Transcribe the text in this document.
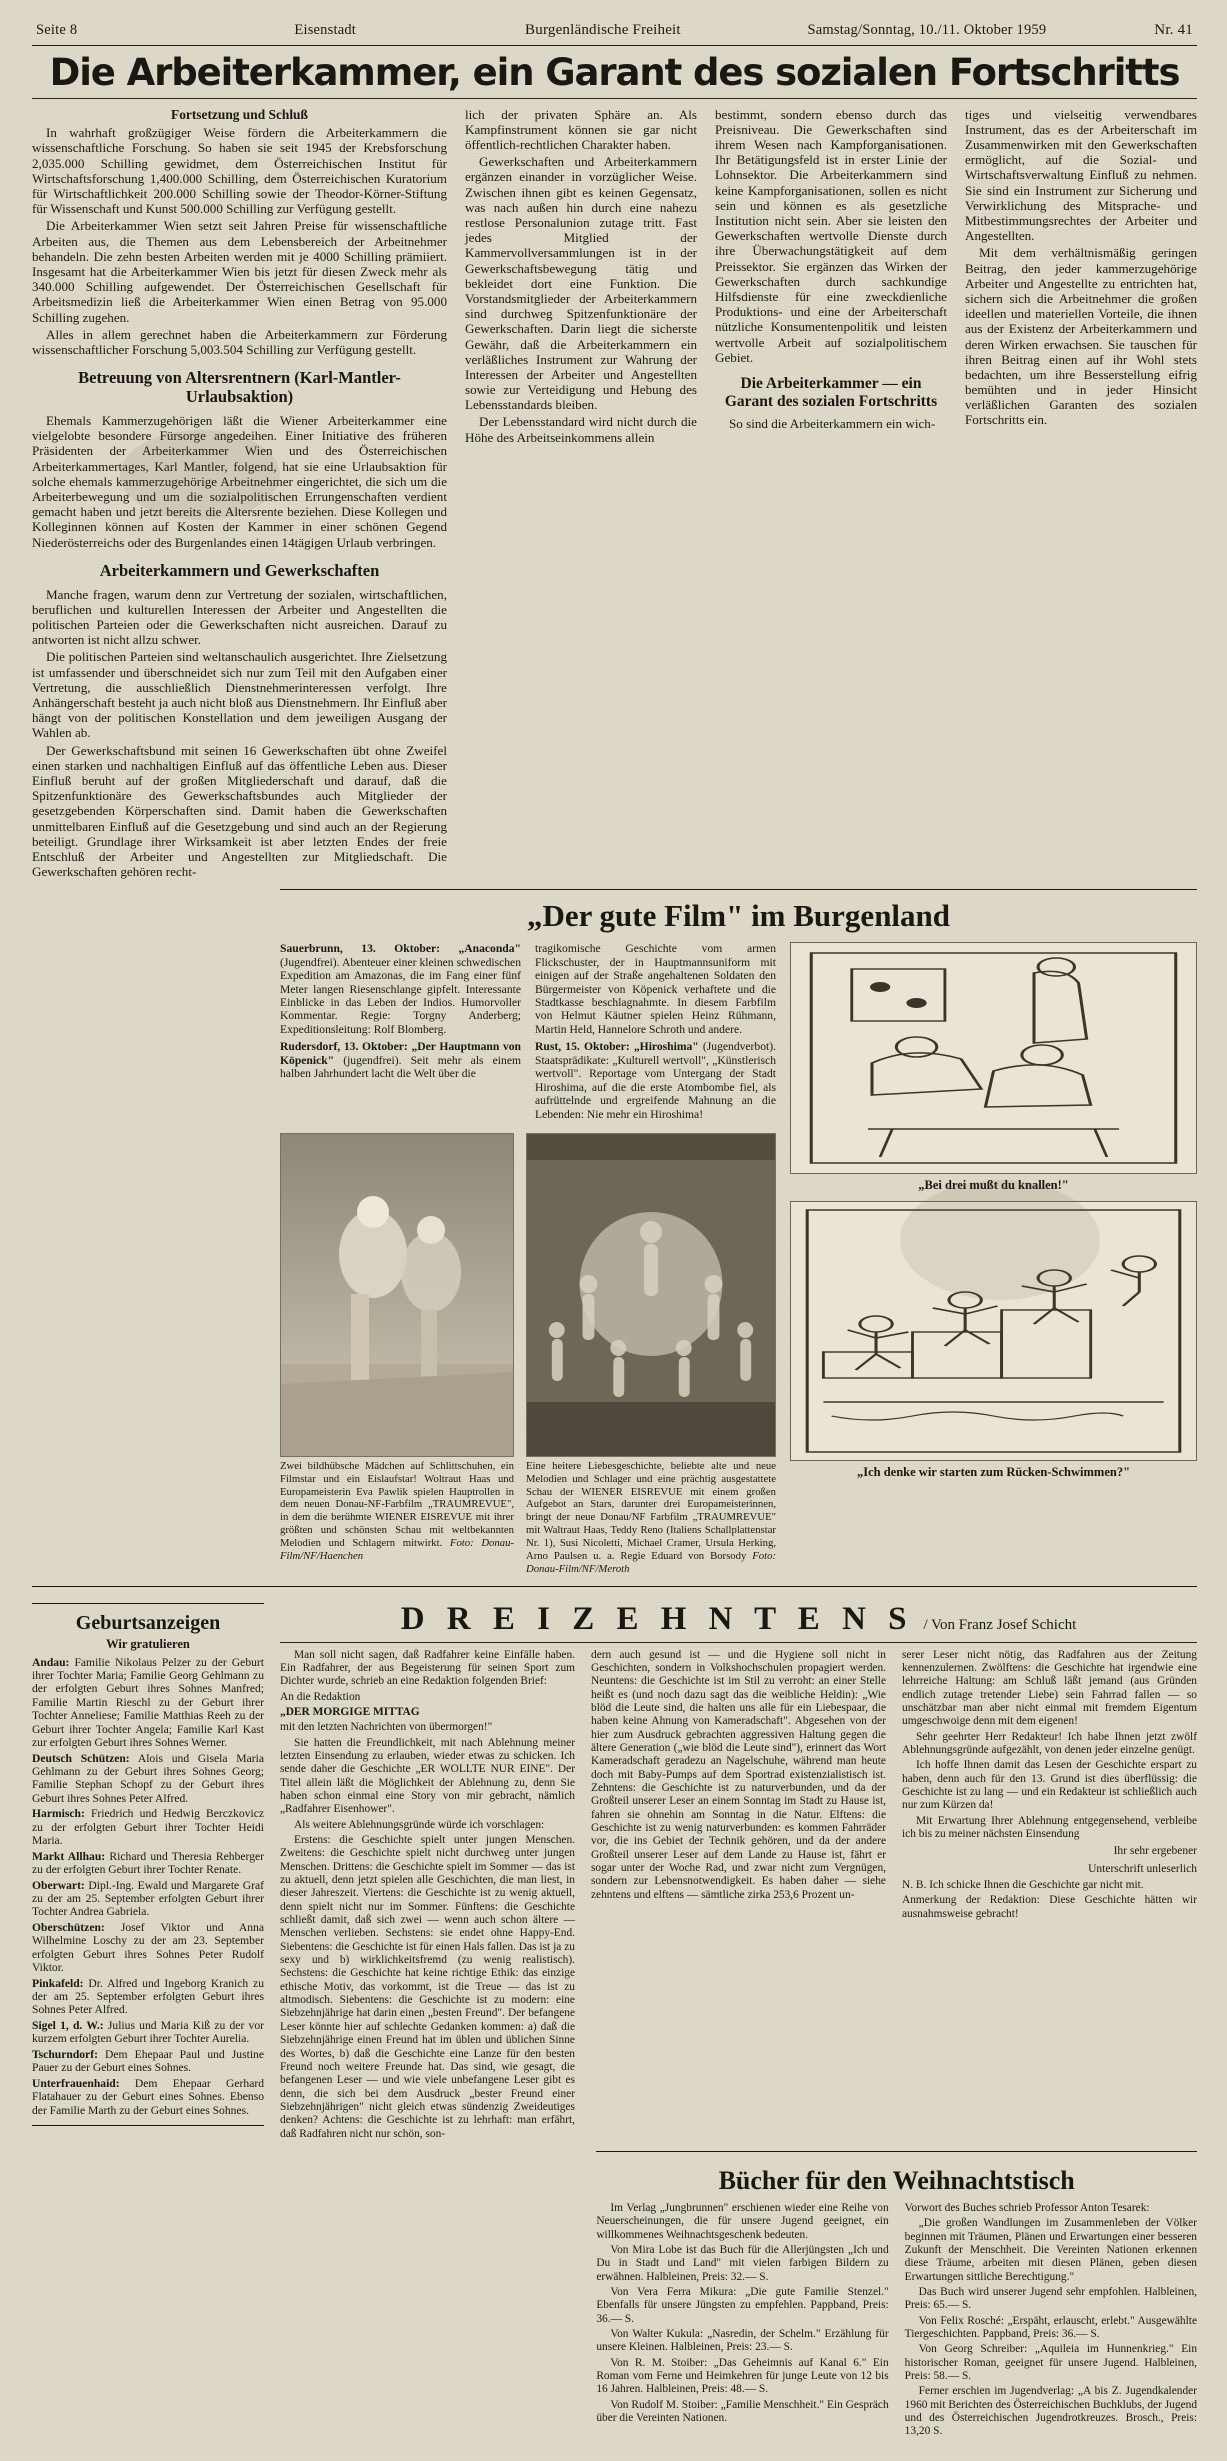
Seite 8	Eisenstadt	Burgenländische Freiheit	Samstag/Sonntag, 10./11. Oktober 1959	Nr. 41
Die Arbeiterkammer, ein Garant des sozialen Fortschritts

Fortsetzung und Schluß

In wahrhaft großzügiger Weise fördern die Arbeiterkammern die wissenschaftliche Forschung. So haben sie seit 1945 der Krebsforschung 2,035.000 Schilling gewidmet, dem Österreichischen Institut für Wirtschaftsforschung 1,400.000 Schilling, dem Österreichischen Kuratorium für Wirtschaftlichkeit 200.000 Schilling sowie der Theodor-Körner-Stiftung für Wissenschaft und Kunst 500.000 Schilling zur Verfügung gestellt.

Die Arbeiterkammer Wien setzt seit Jahren Preise für wissenschaftliche Arbeiten aus, die Themen aus dem Lebensbereich der Arbeitnehmer behandeln. Die zehn besten Arbeiten werden mit je 4000 Schilling prämiiert. Insgesamt hat die Arbeiterkammer Wien bis jetzt für diesen Zweck mehr als 340.000 Schilling aufgewendet. Der Österreichischen Gesellschaft für Arbeitsmedizin ließ die Arbeiterkammer Wien einen Betrag von 95.000 Schilling zugehen.

Alles in allem gerechnet haben die Arbeiterkammern zur Förderung wissenschaftlicher Forschung 5,003.504 Schilling zur Verfügung gestellt.

Betreuung von Altersrentnern (Karl-Mantler-Urlaubsaktion)

Ehemals Kammerzugehörigen läßt die Wiener Arbeiterkammer eine vielgelobte besondere Fürsorge angedeihen. Einer Initiative des früheren Präsidenten der Arbeiterkammer Wien und des Österreichischen Arbeiterkammertages, Karl Mantler, folgend, hat sie eine Urlaubsaktion für solche ehemals kammerzugehörige Arbeitnehmer eingerichtet, die sich um die Arbeiterbewegung und um die sozialpolitischen Errungenschaften verdient gemacht haben und jetzt bereits die Altersrente beziehen. Diese Kollegen und Kolleginnen können auf Kosten der Kammer in einer schönen Gegend Niederösterreichs oder des Burgenlandes einen 14tägigen Urlaub verbringen.

Arbeiterkammern und Gewerkschaften

Manche fragen, warum denn zur Vertretung der sozialen, wirtschaftlichen, beruflichen und kulturellen Interessen der Arbeiter und Angestellten die politischen Parteien oder die Gewerkschaften nicht ausreichen. Darauf zu antworten ist nicht allzu schwer.

Die politischen Parteien sind weltanschaulich ausgerichtet. Ihre Zielsetzung ist umfassender und überschneidet sich nur zum Teil mit den Aufgaben einer Vertretung, die ausschließlich Dienstnehmerinteressen verfolgt. Ihre Anhängerschaft besteht ja auch nicht bloß aus Dienstnehmern. Ihr Einfluß aber hängt von der politischen Konstellation und dem jeweiligen Ausgang der Wahlen ab.

Der Gewerkschaftsbund mit seinen 16 Gewerkschaften übt ohne Zweifel einen starken und nachhaltigen Einfluß auf das öffentliche Leben aus. Dieser Einfluß beruht auf der großen Mitgliederschaft und darauf, daß die Spitzenfunktionäre des Gewerkschaftsbundes auch Mitglieder der gesetzgebenden Körperschaften sind. Damit haben die Gewerkschaften unmittelbaren Einfluß auf die Gesetzgebung und sind auch an der Regierung beteiligt. Grundlage ihrer Wirksamkeit ist aber letzten Endes der freie Entschluß der Arbeiter und Angestellten zur Mitgliedschaft. Die Gewerkschaften gehören recht-

lich der privaten Sphäre an. Als Kampfinstrument können sie gar nicht öffentlich-rechtlichen Charakter haben.

Gewerkschaften und Arbeiterkammern ergänzen einander in vorzüglicher Weise. Zwischen ihnen gibt es keinen Gegensatz, was nach außen hin durch eine nahezu restlose Personalunion zutage tritt. Fast jedes Mitglied der Kammervollversammlungen ist in der Gewerkschaftsbewegung tätig und bekleidet dort eine Funktion. Die Vorstandsmitglieder der Arbeiterkammern sind durchweg Spitzenfunktionäre der Gewerkschaften. Darin liegt die sicherste Gewähr, daß die Arbeiterkammern ein verläßliches Instrument zur Wahrung der Interessen der Arbeiter und Angestellten sowie zur Verteidigung und Hebung des Lebensstandards bleiben.

Der Lebensstandard wird nicht durch die Höhe des Arbeitseinkommens allein

bestimmt, sondern ebenso durch das Preisniveau. Die Gewerkschaften sind ihrem Wesen nach Kampforganisationen. Ihr Betätigungsfeld ist in erster Linie der Lohnsektor. Die Arbeiterkammern sind keine Kampforganisationen, sollen es nicht sein und können es als gesetzliche Institution nicht sein. Aber sie leisten den Gewerkschaften wertvolle Dienste durch ihre Überwachungstätigkeit auf dem Preissektor. Sie ergänzen das Wirken der Gewerkschaften durch sachkundige Hilfsdienste für eine zweckdienliche Produktions- und eine der Arbeiterschaft nützliche Konsumentenpolitik und leisten wertvolle Arbeit auf sozialpolitischem Gebiet.

Die Arbeiterkammer — ein Garant des sozialen Fortschritts

So sind die Arbeiterkammern ein wich-

tiges und vielseitig verwendbares Instrument, das es der Arbeiterschaft im Zusammenwirken mit den Gewerkschaften ermöglicht, auf die Sozial- und Wirtschaftsverwaltung Einfluß zu nehmen. Sie sind ein Instrument zur Sicherung und Verwirklichung des Mitsprache- und Mitbestimmungsrechtes der Arbeiter und Angestellten.

Mit dem verhältnismäßig geringen Beitrag, den jeder kammerzugehörige Arbeiter und Angestellte zu entrichten hat, sichern sich die Arbeitnehmer die großen ideellen und materiellen Vorteile, die ihnen aus der Existenz der Arbeiterkammern und deren Wirken erwachsen. Sie tauschen für ihren Beitrag einen auf ihr Wohl stets bedachten, um ihre Besserstellung eifrig bemühten und in jeder Hinsicht verläßlichen Garanten des sozialen Fortschritts ein.

„Der gute Film" im Burgenland

Sauerbrunn, 13. Oktober: „Anaconda" (Jugendfrei). Abenteuer einer kleinen schwedischen Expedition am Amazonas, die im Fang einer fünf Meter langen Riesenschlange gipfelt. Interessante Einblicke in das Leben der Indios. Humorvoller Kommentar. Regie: Torgny Anderberg; Expeditionsleitung: Rolf Blomberg.

Rudersdorf, 13. Oktober: „Der Hauptmann von Köpenick" (jugendfrei). Seit mehr als einem halben Jahrhundert lacht die Welt über die

tragikomische Geschichte vom armen Flickschuster, der in Hauptmannsuniform mit einigen auf der Straße angehaltenen Soldaten den Bürgermeister von Köpenick verhaftete und die Stadtkasse beschlagnahmte. In diesem Farbfilm von Helmut Käutner spielen Heinz Rühmann, Martin Held, Hannelore Schroth und andere.

Rust, 15. Oktober: „Hiroshima" (Jugendverbot). Staatsprädikate: „Kulturell wertvoll", „Künstlerisch wertvoll". Reportage vom Untergang der Stadt Hiroshima, auf die die erste Atombombe fiel, als aufrüttelnde und ergreifende Mahnung an die Lebenden: Nie mehr ein Hiroshima!

Zwei bildhübsche Mädchen auf Schlittschuhen, ein Filmstar und ein Eislaufstar! Woltraut Haas und Europameisterin Eva Pawlik spielen Hauptrollen in dem neuen Donau-NF-Farbfilm „TRAUMREVUE", in dem die berühmte WIENER EISREVUE mit ihrer größten und schönsten Schau mit weltbekannten Melodien und Schlagern mitwirkt. Foto: Donau-Film/NF/Haenchen
Eine heitere Liebesgeschichte, beliebte alte und neue Melodien und Schlager und eine prächtig ausgestattete Schau der WIENER EISREVUE mit einem großen Aufgebot an Stars, darunter drei Europameisterinnen, bringt der neue Donau/NF Farbfilm „TRAUMREVUE" mit Waltraut Haas, Teddy Reno (Italiens Schallplattenstar Nr. 1), Susi Nicoletti, Michael Cramer, Ursula Herking, Arno Paulsen u. a. Regie Eduard von Borsody Foto: Donau-Film/NF/Meroth
„Bei drei mußt du knallen!"
„Ich denke wir starten zum Rücken-Schwimmen?"
Geburtsanzeigen
Wir gratulieren

Andau: Familie Nikolaus Pelzer zu der Geburt ihrer Tochter Maria; Familie Georg Gehlmann zu der erfolgten Geburt ihres Sohnes Manfred; Familie Martin Rieschl zu der Geburt ihrer Tochter Anneliese; Familie Matthias Reeh zu der Geburt ihrer Tochter Angela; Familie Karl Kast zur erfolgten Geburt ihres Sohnes Werner.

Deutsch Schützen: Alois und Gisela Maria Gehlmann zu der Geburt ihres Sohnes Georg; Familie Stephan Schopf zu der Geburt ihres Geburt ihres Sohnes Peter Alfred.

Harmisch: Friedrich und Hedwig Berczkovicz zu der erfolgten Geburt ihrer Tochter Heidi Maria.

Markt Allhau: Richard und Theresia Rehberger zu der erfolgten Geburt ihrer Tochter Renate.

Oberwart: Dipl.-Ing. Ewald und Margarete Graf zu der am 25. September erfolgten Geburt ihrer Tochter Andrea Gabriela.

Oberschützen: Josef Viktor und Anna Wilhelmine Loschy zu der am 23. September erfolgten Geburt ihres Sohnes Peter Rudolf Viktor.

Pinkafeld: Dr. Alfred und Ingeborg Kranich zu der am 25. September erfolgten Geburt ihres Sohnes Peter Alfred.

Sigel 1, d. W.: Julius und Maria Kiß zu der vor kurzem erfolgten Geburt ihrer Tochter Aurelia.

Tschurndorf: Dem Ehepaar Paul und Justine Pauer zu der Geburt eines Sohnes.

Unterfrauenhaid: Dem Ehepaar Gerhard Flatahauer zu der Geburt eines Sohnes. Ebenso der Familie Marth zu der Geburt eines Sohnes.

D R E I Z E H N T E N S / Von Franz Josef Schicht

Man soll nicht sagen, daß Radfahrer keine Einfälle haben. Ein Radfahrer, der aus Begeisterung für seinen Sport zum Dichter wurde, schrieb an eine Redaktion folgenden Brief:

An die Redaktion

„DER MORGIGE MITTAG

mit den letzten Nachrichten von übermorgen!"

Sie hatten die Freundlichkeit, mit nach Ablehnung meiner letzten Einsendung zu erlauben, wieder etwas zu schicken. Ich sende daher die Geschichte „ER WOLLTE NUR EINE". Der Titel allein läßt die Möglichkeit der Ablehnung zu, denn Sie haben schon einmal eine Story von mir gebracht, nämlich „Radfahrer Eisenhower".

Als weitere Ablehnungsgründe würde ich vorschlagen:

Erstens: die Geschichte spielt unter jungen Menschen. Zweitens: die Geschichte spielt nicht durchweg unter jungen Menschen. Drittens: die Geschichte spielt im Sommer — das ist zu aktuell, denn jetzt spielen alle Geschichten, die man liest, in dieser Jahreszeit. Viertens: die Geschichte ist zu wenig aktuell, denn spielt nicht nur im Sommer. Fünftens: die Geschichte schließt damit, daß sich zwei — wenn auch schon ältere — Menschen verlieben. Sechstens: sie endet ohne Happy-End. Siebentens: die Geschichte ist für einen Hals fallen. Das ist ja zu sexy und b) wirklichkeitsfremd (zu wenig realistisch). Sechstens: die Geschichte hat keine richtige Ethik: das einzige ethische Motiv, das vorkommt, ist die Treue — das ist zu altmodisch. Siebentens: die Geschichte ist zu modern: eine Siebzehnjährige hat darin einen „besten Freund". Der befangene Leser könnte hier auf schlechte Gedanken kommen: a) daß die Siebzehnjährige einen Freund hat im üblen und üblichen Sinne des Wortes, b) daß die Geschichte eine Lanze für den besten Freund noch weitere Freunde hat. Das sind, wie gesagt, die befangenen Leser — und wie viele unbefangene Leser gibt es denn, die sich bei dem Ausdruck „bester Freund einer Siebzehnjährigen" nicht gleich etwas sündenzig Zweideutiges denken? Achtens: die Geschichte ist zu lehrhaft: man erfährt, daß Radfahren nicht nur schön, son-

dern auch gesund ist — und die Hygiene soll nicht in Geschichten, sondern in Volkshochschulen propagiert werden. Neuntens: die Geschichte ist im Stil zu verroht: an einer Stelle heißt es (und noch dazu sagt das die weibliche Heldin): „Wie blöd die Leute sind, die halten uns alle für ein Liebespaar, die haben keine Ahnung von Kameradschaft". Abgesehen von der hier zum Ausdruck gebrachten aggressiven Haltung gegen die ältere Generation („wie blöd die Leute sind"), erinnert das Wort Kameradschaft geradezu an Nagelschuhe, während man heute doch mit Baby-Pumps auf dem Sportrad existenzialistisch ist. Zehntens: die Geschichte ist zu naturverbunden, und da der Großteil unserer Leser an einem Sonntag im Stadt zu Hause ist, fahren sie ohnehin am Sonntag in die Natur. Elftens: die Geschichte ist zu wenig naturverbunden: es kommen Fahrräder vor, die ins Gebiet der Technik gehören, und da der andere Großteil unserer Leser auf dem Lande zu Hause ist, fährt er sogar unter der Woche Rad, und zwar nicht zum Vergnügen, sondern zur Lebensnotwendigkeit. Es haben daher — siehe zehntens und elftens — sämtliche zirka 253,6 Prozent un-

serer Leser nicht nötig, das Radfahren aus der Zeitung kennenzulernen. Zwölftens: die Geschichte hat irgendwie eine lehrreiche Haltung: am Schluß läßt jemand (aus Gründen endlich zutage tretender Liebe) sein Fahrrad fallen — so unschätzbar man aber nicht einmal mit fremdem Eigentum umgeschwoige denn mit dem eigenen!

Sehr geehrter Herr Redakteur! Ich habe Ihnen jetzt zwölf Ablehnungsgründe aufgezählt, von denen jeder einzelne genügt.

Ich hoffe Ihnen damit das Lesen der Geschichte erspart zu haben, denn auch für den 13. Grund ist dies überflüssig: die Geschichte ist zu lang — und ein Redakteur ist schließlich auch nur zum Kürzen da!

Mit Erwartung Ihrer Ablehnung entgegensehend, verbleibe ich bis zu meiner nächsten Einsendung

Ihr sehr ergebener

Unterschrift unleserlich

N. B. Ich schicke Ihnen die Geschichte gar nicht mit.

Anmerkung der Redaktion: Diese Geschichte hätten wir ausnahmsweise gebracht!

Bücher für den Weihnachtstisch

Im Verlag „Jungbrunnen" erschienen wieder eine Reihe von Neuerscheinungen, die für unsere Jugend geeignet, ein willkommenes Weihnachtsgeschenk bedeuten.

Von Mira Lobe ist das Buch für die Allerjüngsten „Ich und Du in Stadt und Land" mit vielen farbigen Bildern zu erwähnen. Halbleinen, Preis: 32.— S.

Von Vera Ferra Mikura: „Die gute Familie Stenzel." Ebenfalls für unsere Jüngsten zu empfehlen. Pappband, Preis: 36.— S.

Von Walter Kukula: „Nasredin, der Schelm." Erzählung für unsere Kleinen. Halbleinen, Preis: 23.— S.

Von R. M. Stoiber: „Das Geheimnis auf Kanal 6." Ein Roman vom Ferne und Heimkehren für junge Leute von 12 bis 16 Jahren. Halbleinen, Preis: 48.— S.

Von Rudolf M. Stoiber: „Familie Menschheit." Ein Gespräch über die Vereinten Nationen.

Vorwort des Buches schrieb Professor Anton Tesarek:

„Die großen Wandlungen im Zusammenleben der Völker beginnen mit Träumen, Plänen und Erwartungen einer besseren Zukunft der Menschheit. Die Vereinten Nationen erkennen diese Träume, arbeiten mit diesen Plänen, geben diesen Erwartungen sittliche Berechtigung."

Das Buch wird unserer Jugend sehr empfohlen. Halbleinen, Preis: 65.— S.

Von Felix Rosché: „Erspäht, erlauscht, erlebt." Ausgewählte Tiergeschichten. Pappband, Preis: 36.— S.

Von Georg Schreiber: „Aquileia im Hunnenkrieg." Ein historischer Roman, geeignet für unsere Jugend. Halbleinen, Preis: 58.— S.

Ferner erschien im Jugendverlag: „A bis Z. Jugendkalender 1960 mit Berichten des Österreichischen Buchklubs, der Jugend und des Österreichischen Jugendrotkreuzes. Brosch., Preis: 13,20 S.
